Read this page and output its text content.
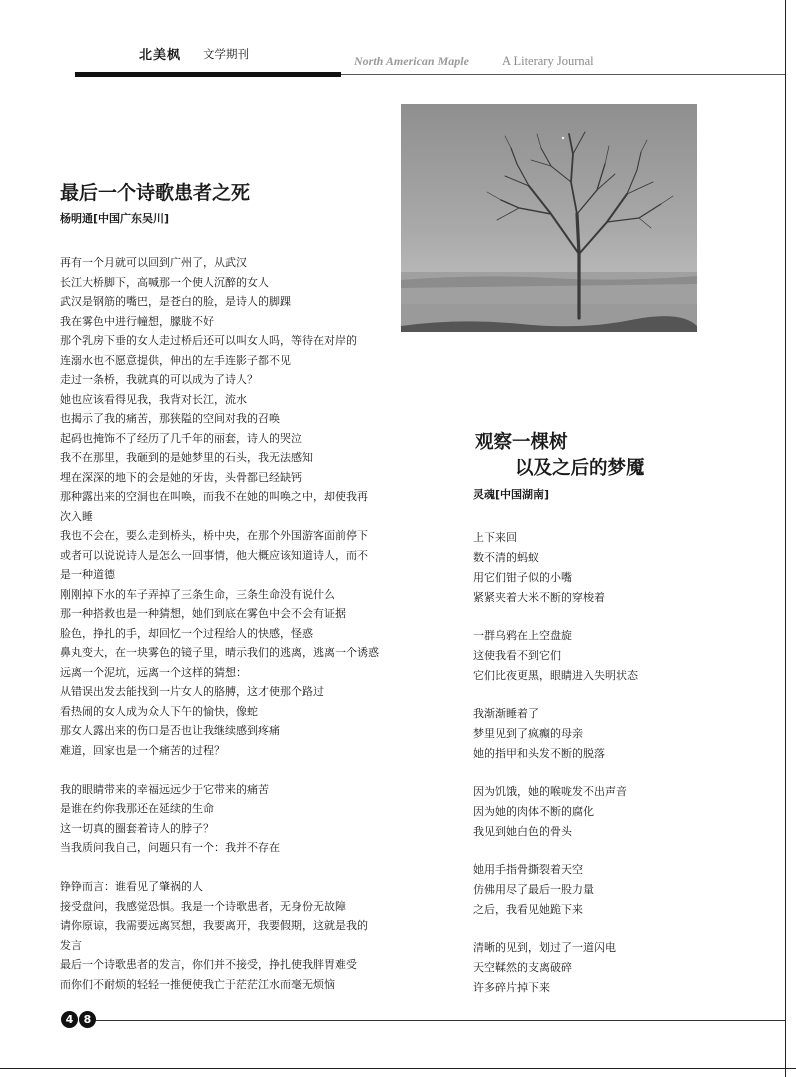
北美枫 文学期刊	North American Maple	A Literary Journal
最后一个诗歌患者之死
杨明通[中国广东吴川]
再有一个月就可以回到广州了，从武汉
长江大桥脚下，高喊那一个使人沉醉的女人
武汉是钢筋的嘴巴，是苍白的脸，是诗人的脚踝
我在雾色中进行幢想，朦胧不好
那个乳房下垂的女人走过桥后还可以叫女人吗，等待在对岸的
连溺水也不愿意提供，伸出的左手连影子都不见
走过一条桥，我就真的可以成为了诗人？
她也应该看得见我，我背对长江，流水
也揭示了我的痛苦，那狭隘的空间对我的召唤
起码也掩饰不了经历了几千年的丽套，诗人的哭泣
我不在那里，我砸到的是她梦里的石头，我无法感知
埋在深深的地下的会是她的牙齿，头骨都已经缺钙
那种露出来的空洞也在叫唤，而我不在她的叫唤之中，却使我再
次入睡
我也不会在，要么走到桥头，桥中央，在那个外国游客面前停下
或者可以说说诗人是怎么一回事情，他大概应该知道诗人，而不
是一种道德
刚刚掉下水的车子弄掉了三条生命，三条生命没有说什么
那一种搭救也是一种猜想，她们到底在雾色中会不会有证据
脸色，挣扎的手，却回忆一个过程给人的快感，怪惑
鼻丸变大，在一块雾色的镜子里，晴示我们的逃离，逃离一个诱惑
远离一个泥坑，远离一个这样的猜想：
从错误出发去能找到一片女人的胳膊，这才使那个路过
看热闹的女人成为众人下午的愉快，像蛇
那女人露出来的伤口是否也让我继续感到疼痛
难道，回家也是一个痛苦的过程？
我的眼睛带来的幸福远远少于它带来的痛苦
是谁在约你我那还在延续的生命
这一切真的圈套着诗人的脖子？
当我质问我自己，问题只有一个：我并不存在
铮铮而言：谁看见了肇祸的人
接受盘问，我感觉恐惧。我是一个诗歌患者，无身份无故障
请你原谅，我需要远离冥想，我要离开，我要假期，这就是我的
发言
最后一个诗歌患者的发言，你们并不接受，挣扎使我胖胃难受
而你们不耐烦的轻轻一推便使我亡于茫茫江水而毫无烦恼
观察一棵树
以及之后的梦魇
灵魂[中国湖南]
上下来回
数不清的蚂蚁
用它们钳子似的小嘴
紧紧夹着大米不断的穿梭着
一群乌鸦在上空盘旋
这使我看不到它们
它们比夜更黑，眼睛进入失明状态
我渐渐睡着了
梦里见到了疯癫的母亲
她的指甲和头发不断的脱落
因为饥饿，她的喉咙发不出声音
因为她的肉体不断的腐化
我见到她白色的骨头
她用手指骨撕裂着天空
仿佛用尽了最后一股力量
之后，我看见她跪下来
清晰的见到，划过了一道闪电
天空鞣然的支离破碎
许多碎片掉下来
4 8
